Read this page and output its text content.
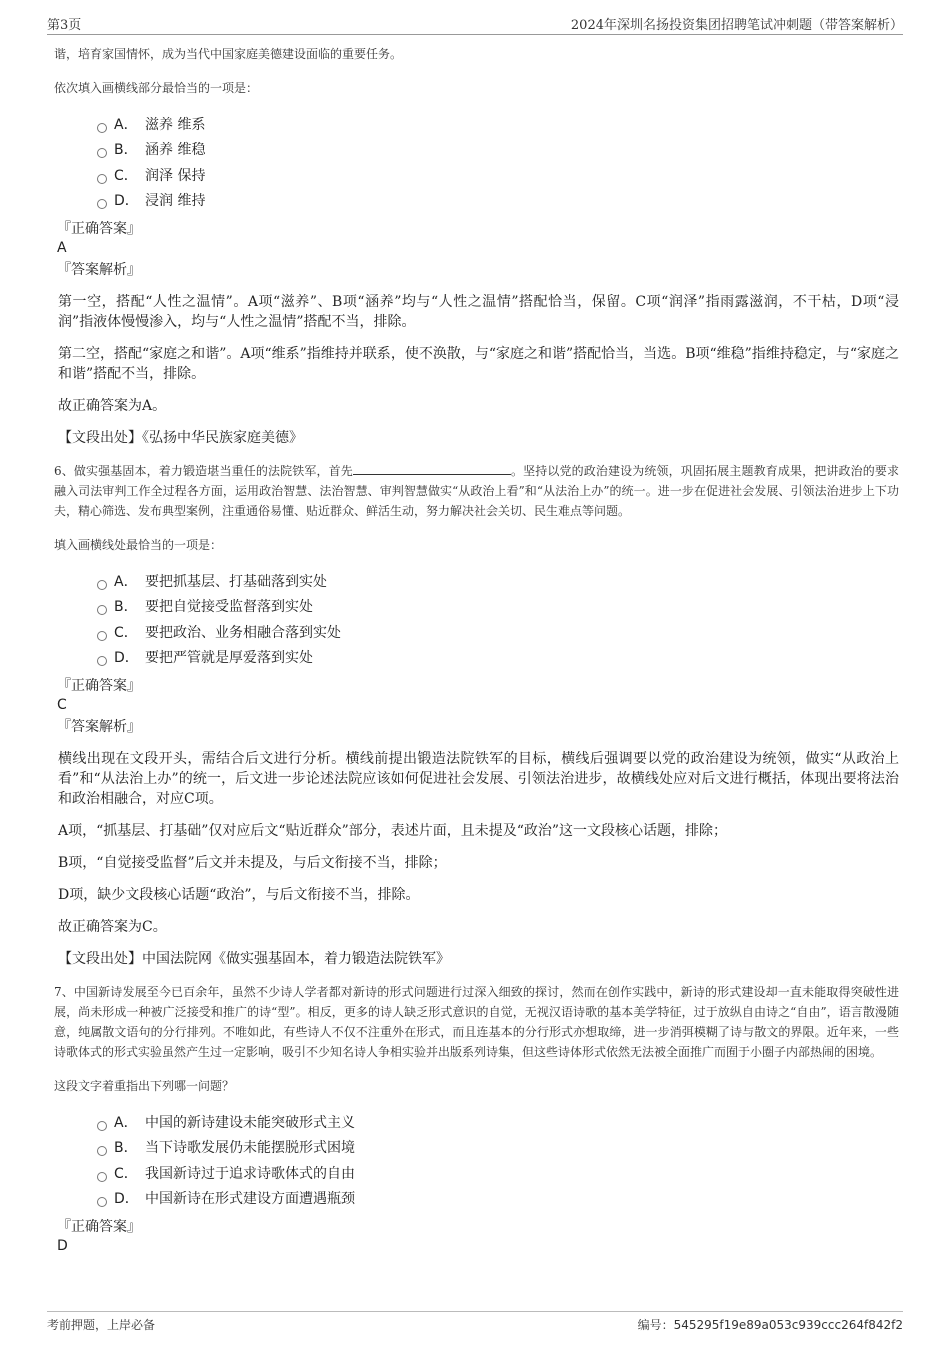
第3页	2024年深圳名扬投资集团招聘笔试冲刺题（带答案解析）

谐，培育家国情怀，成为当代中国家庭美德建设面临的重要任务。

依次填入画横线部分最恰当的一项是：

A． 滋养 维系
B． 涵养 维稳
C． 润泽 保持
D． 浸润 维持

『正确答案』

A

『答案解析』

第一空，搭配“人性之温情”。A项“滋养”、B项“涵养”均与“人性之温情”搭配恰当，保留。C项“润泽”指雨露滋润，不干枯，D项“浸润”指液体慢慢渗入，均与“人性之温情”搭配不当，排除。

第二空，搭配“家庭之和谐”。A项“维系”指维持并联系，使不涣散，与“家庭之和谐”搭配恰当，当选。B项“维稳”指维持稳定，与“家庭之和谐”搭配不当，排除。

故正确答案为A。

【文段出处】《弘扬中华民族家庭美德》

6、做实强基固本，着力锻造堪当重任的法院铁军，首先	。坚持以党的政治建设为统领，巩固拓展主题教育成果，把讲政治的要求融入司法审判工作全过程各方面，运用政治智慧、法治智慧、审判智慧做实“从政治上看”和“从法治上办”的统一。进一步在促进社会发展、引领法治进步上下功夫，精心筛选、发布典型案例，注重通俗易懂、贴近群众、鲜活生动，努力解决社会关切、民生难点等问题。

填入画横线处最恰当的一项是：

A． 要把抓基层、打基础落到实处
B． 要把自觉接受监督落到实处
C． 要把政治、业务相融合落到实处
D． 要把严管就是厚爱落到实处

『正确答案』

C

『答案解析』

横线出现在文段开头，需结合后文进行分析。横线前提出锻造法院铁军的目标，横线后强调要以党的政治建设为统领，做实“从政治上看”和“从法治上办”的统一，后文进一步论述法院应该如何促进社会发展、引领法治进步，故横线处应对后文进行概括，体现出要将法治和政治相融合，对应C项。

A项，“抓基层、打基础”仅对应后文“贴近群众”部分，表述片面，且未提及“政治”这一文段核心话题，排除；

B项，“自觉接受监督”后文并未提及，与后文衔接不当，排除；

D项，缺少文段核心话题“政治”，与后文衔接不当，排除。

故正确答案为C。

【文段出处】中国法院网《做实强基固本，着力锻造法院铁军》

7、中国新诗发展至今已百余年，虽然不少诗人学者都对新诗的形式问题进行过深入细致的探讨，然而在创作实践中，新诗的形式建设却一直未能取得突破性进展，尚未形成一种被广泛接受和推广的诗“型”。相反，更多的诗人缺乏形式意识的自觉，无视汉语诗歌的基本美学特征，过于放纵自由诗之“自由”，语言散漫随意，纯属散文语句的分行排列。不唯如此，有些诗人不仅不注重外在形式，而且连基本的分行形式亦想取缔，进一步消弭模糊了诗与散文的界限。近年来，一些诗歌体式的形式实验虽然产生过一定影响，吸引不少知名诗人争相实验并出版系列诗集，但这些诗体形式依然无法被全面推广而囿于小圈子内部热闹的困境。

这段文字着重指出下列哪一问题？

A． 中国的新诗建设未能突破形式主义
B． 当下诗歌发展仍未能摆脱形式困境
C． 我国新诗过于追求诗歌体式的自由
D． 中国新诗在形式建设方面遭遇瓶颈

『正确答案』

D

考前押题，上岸必备	编号：545295f19e89a053c939ccc264f842f2
